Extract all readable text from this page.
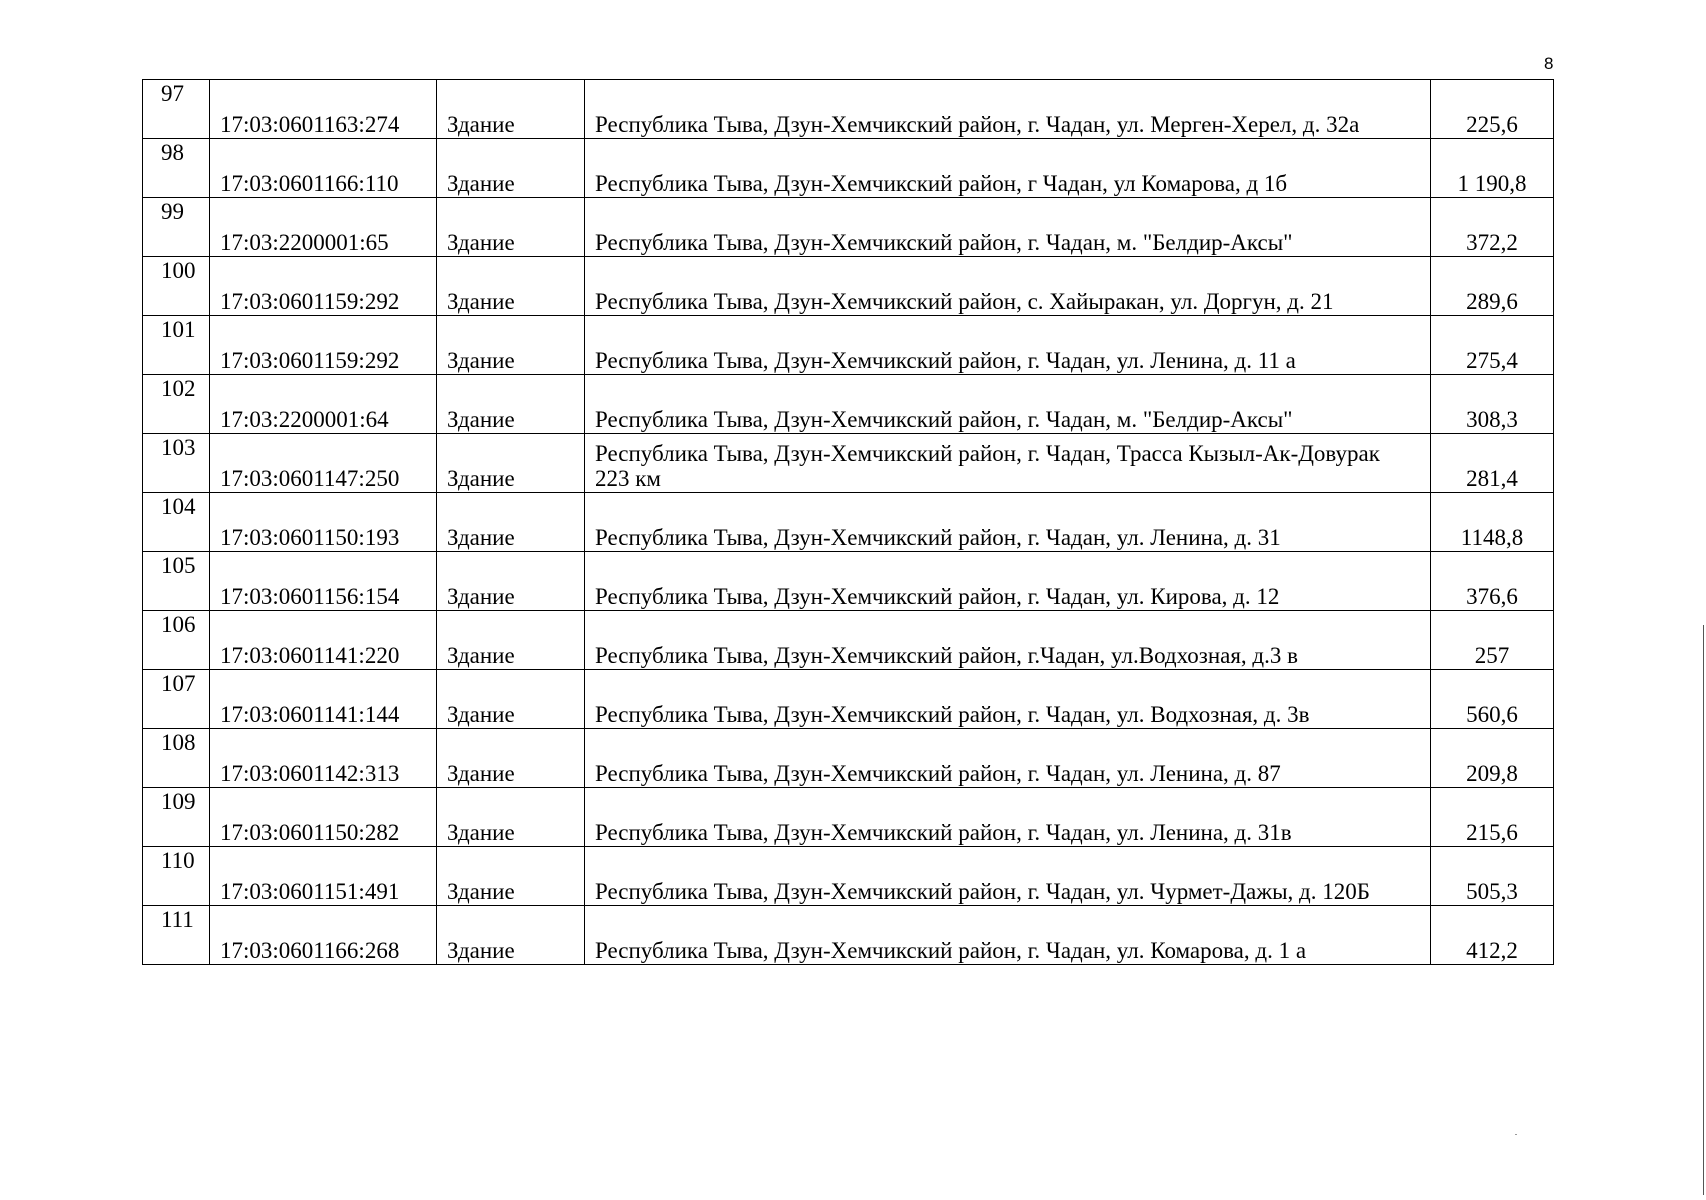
8
97	17:03:0601163:274	Здание	Республика Тыва, Дзун-Хемчикский район, г. Чадан, ул. Мерген-Херел, д. 32а	225,6
98	17:03:0601166:110	Здание	Республика Тыва, Дзун-Хемчикский район, г Чадан, ул Комарова, д 1б	1 190,8
99	17:03:2200001:65	Здание	Республика Тыва, Дзун-Хемчикский район, г. Чадан, м. "Белдир-Аксы"	372,2
100	17:03:0601159:292	Здание	Республика Тыва, Дзун-Хемчикский район, с. Хайыракан, ул. Доргун, д. 21	289,6
101	17:03:0601159:292	Здание	Республика Тыва, Дзун-Хемчикский район, г. Чадан, ул. Ленина, д. 11 а	275,4
102	17:03:2200001:64	Здание	Республика Тыва, Дзун-Хемчикский район, г. Чадан, м. "Белдир-Аксы"	308,3
103	17:03:0601147:250	Здание	Республика Тыва, Дзун-Хемчикский район, г. Чадан, Трасса Кызыл-Ак-Довурак 223 км	281,4
104	17:03:0601150:193	Здание	Республика Тыва, Дзун-Хемчикский район, г. Чадан, ул. Ленина, д. 31	1148,8
105	17:03:0601156:154	Здание	Республика Тыва, Дзун-Хемчикский район, г. Чадан, ул. Кирова, д. 12	376,6
106	17:03:0601141:220	Здание	Республика Тыва, Дзун-Хемчикский район, г.Чадан, ул.Водхозная, д.3 в	257
107	17:03:0601141:144	Здание	Республика Тыва, Дзун-Хемчикский район, г. Чадан, ул. Водхозная, д. 3в	560,6
108	17:03:0601142:313	Здание	Республика Тыва, Дзун-Хемчикский район, г. Чадан, ул. Ленина, д. 87	209,8
109	17:03:0601150:282	Здание	Республика Тыва, Дзун-Хемчикский район, г. Чадан, ул. Ленина, д. 31в	215,6
110	17:03:0601151:491	Здание	Республика Тыва, Дзун-Хемчикский район, г. Чадан, ул. Чурмет-Дажы, д. 120Б	505,3
111	17:03:0601166:268	Здание	Республика Тыва, Дзун-Хемчикский район, г. Чадан, ул. Комарова, д. 1 а	412,2
